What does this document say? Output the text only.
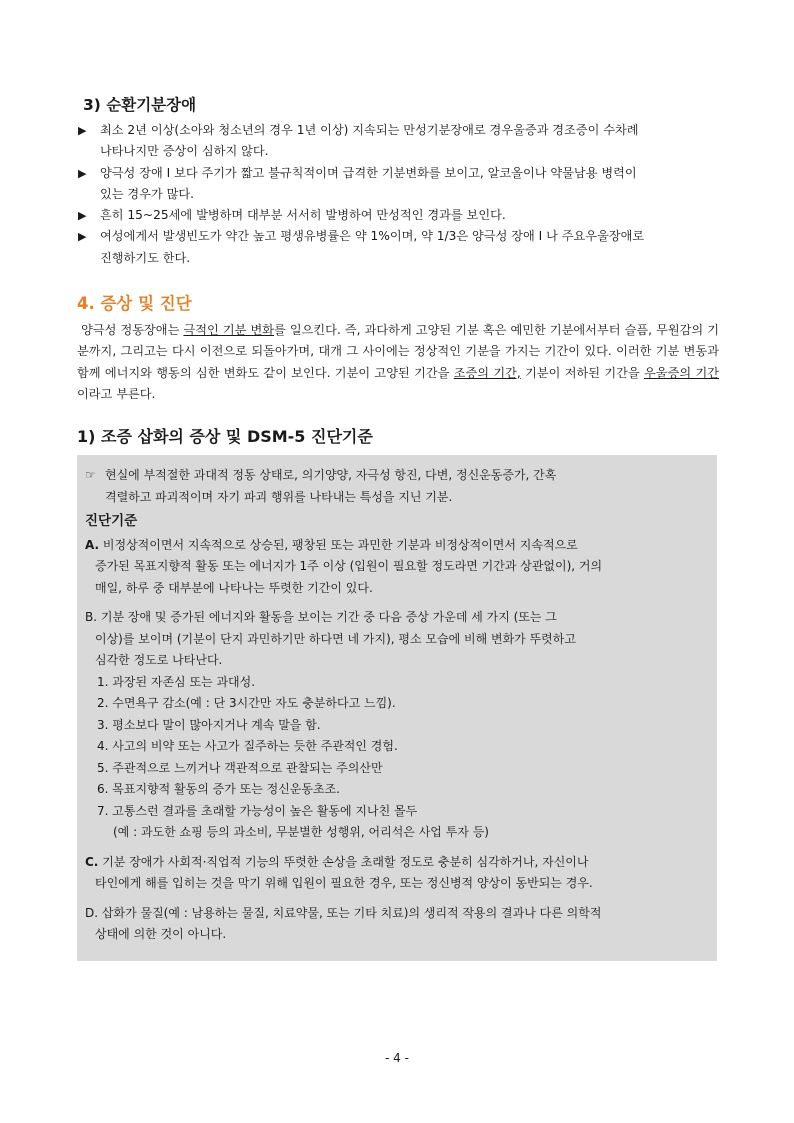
3) 순환기분장애
▶	최소 2년 이상(소아와 청소년의 경우 1년 이상) 지속되는 만성기분장애로 경우울증과 경조증이 수차례
나타나지만 증상이 심하지 않다.
▶	양극성 장애 I 보다 주기가 짧고 불규칙적이며 급격한 기분변화를 보이고, 알코올이나 약물남용 병력이
있는 경우가 많다.
▶	흔히 15~25세에 발병하며 대부분 서서히 발병하여 만성적인 경과를 보인다.
▶	여성에게서 발생빈도가 약간 높고 평생유병률은 약 1%이며, 약 1/3은 양극성 장애 Ⅰ 나 주요우울장애로
진행하기도 한다.
4. 증상 및 진단

양극성 정동장애는 극적인 기분 변화를 일으킨다. 즉, 과다하게 고양된 기분 혹은 예민한 기분에서부터 슬픔, 무원감의 기분까지, 그리고는 다시 이전으로 되돌아가며, 대개 그 사이에는 정상적인 기분을 가지는 기간이 있다. 이러한 기분 변동과 함께 에너지와 행동의 심한 변화도 같이 보인다. 기분이 고양된 기간을 조증의 기간, 기분이 저하된 기간을 우울증의 기간이라고 부른다.

1) 조증 삽화의 증상 및 DSM-5 진단기준

☞ 현실에 부적절한 과대적 정동 상태로, 의기양양, 자극성 항진, 다변, 정신운동증가, 간혹

격렬하고 파괴적이며 자기 파괴 행위를 나타내는 특성을 지닌 기분.

진단기준

A. 비정상적이면서 지속적으로 상승된, 팽창된 또는 과민한 기분과 비정상적이면서 지속적으로
증가된 목표지향적 활동 또는 에너지가 1주 이상 (입원이 필요할 정도라면 기간과 상관없이), 거의
매일, 하루 중 대부분에 나타나는 뚜렷한 기간이 있다.

B. 기분 장애 및 증가된 에너지와 활동을 보이는 기간 중 다음 증상 가운데 세 가지 (또는 그
이상)를 보이며 (기분이 단지 과민하기만 하다면 네 가지), 평소 모습에 비해 변화가 뚜렷하고
심각한 정도로 나타난다.

1. 과장된 자존심 또는 과대성.
2. 수면욕구 감소(예 : 단 3시간만 자도 충분하다고 느낌).
3. 평소보다 말이 많아지거나 계속 말을 함.
4. 사고의 비약 또는 사고가 질주하는 듯한 주관적인 경험.
5. 주관적으로 느끼거나 객관적으로 관찰되는 주의산만
6. 목표지향적 활동의 증가 또는 정신운동초조.
7. 고통스런 결과를 초래할 가능성이 높은 활동에 지나친 몰두

(예 : 과도한 쇼핑 등의 과소비, 무분별한 성행위, 어리석은 사업 투자 등)

C. 기분 장애가 사회적·직업적 기능의 뚜렷한 손상을 초래할 정도로 충분히 심각하거나, 자신이나
타인에게 해를 입히는 것을 막기 위해 입원이 필요한 경우, 또는 정신병적 양상이 동반되는 경우.

D. 삽화가 물질(예 : 남용하는 물질, 치료약물, 또는 기타 치료)의 생리적 작용의 결과나 다른 의학적
상태에 의한 것이 아니다.

- 4 -
